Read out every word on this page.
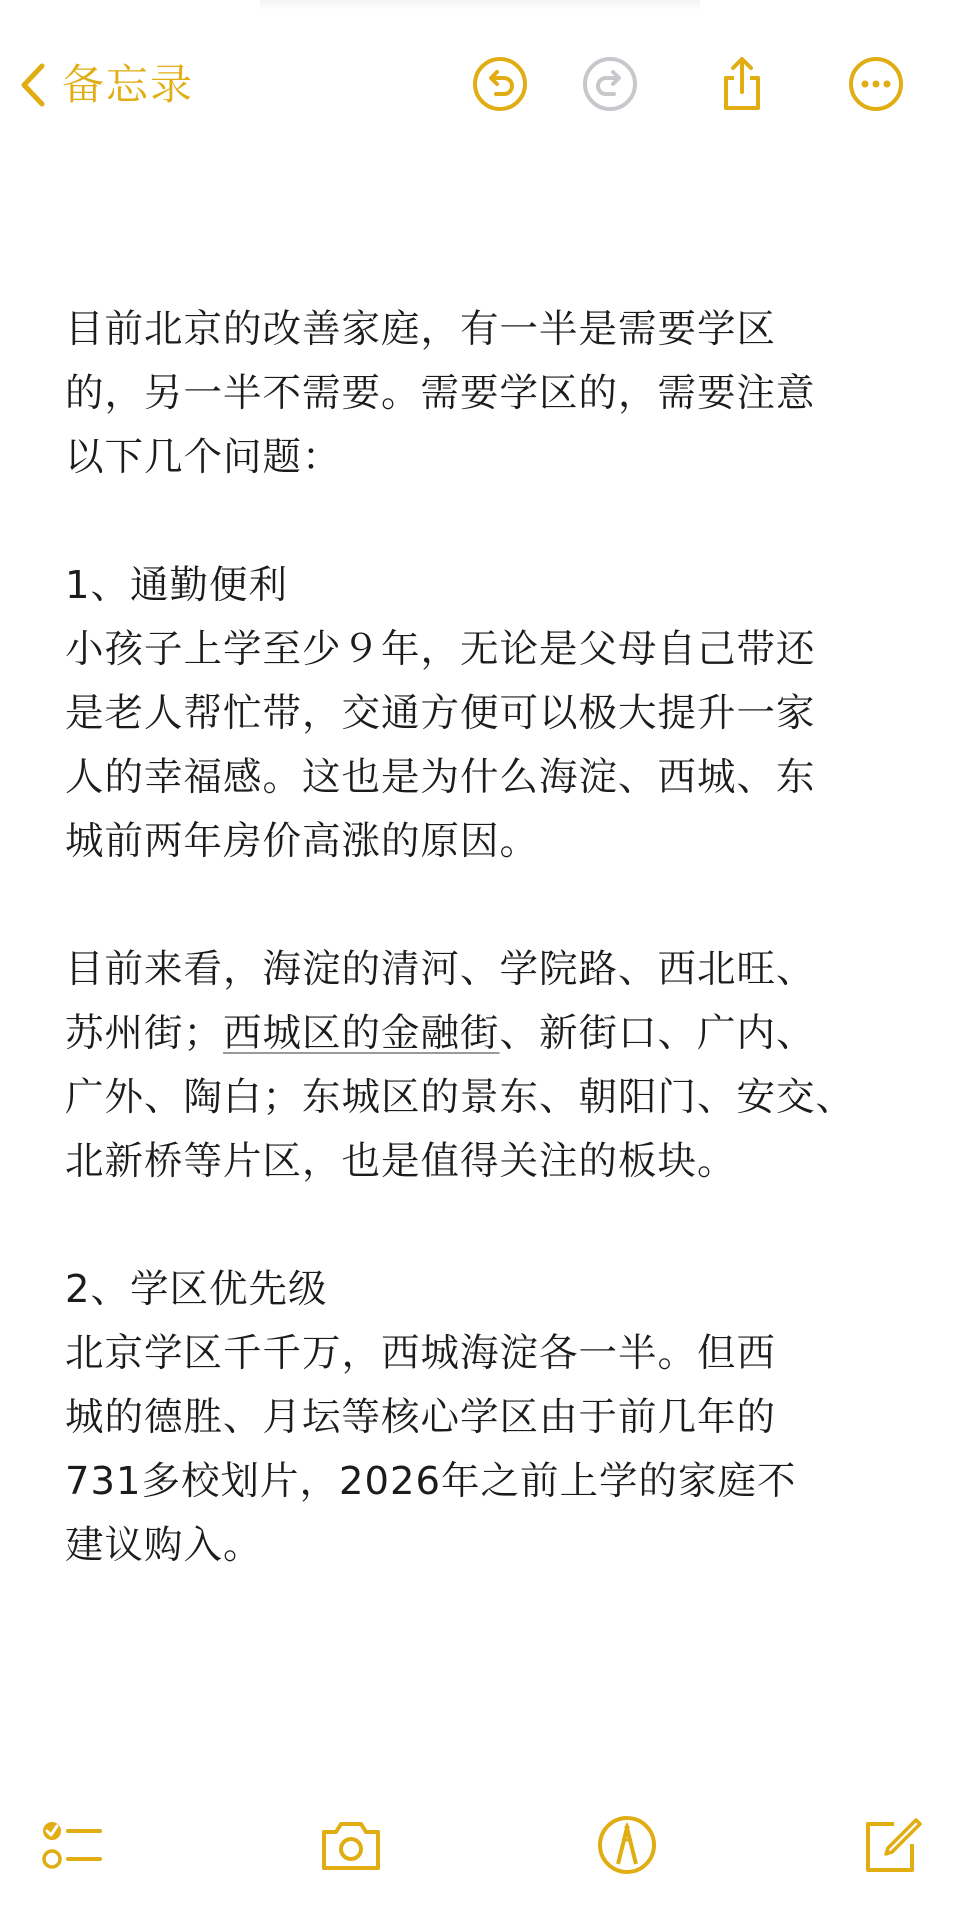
备忘录

目前北京的改善家庭，有一半是需要学区
的，另一半不需要。需要学区的，需要注意
以下几个问题：

1、通勤便利
小孩子上学至少９年，无论是父母自己带还
是老人帮忙带，交通方便可以极大提升一家
人的幸福感。这也是为什么海淀、西城、东
城前两年房价高涨的原因。

目前来看，海淀的清河、学院路、西北旺、
苏州街；西城区的金融街、新街口、广内、
广外、陶白；东城区的景东、朝阳门、安交、
北新桥等片区，也是值得关注的板块。

2、学区优先级
北京学区千千万，西城海淀各一半。但西
城的德胜、月坛等核心学区由于前几年的
731多校划片，2026年之前上学的家庭不
建议购入。
